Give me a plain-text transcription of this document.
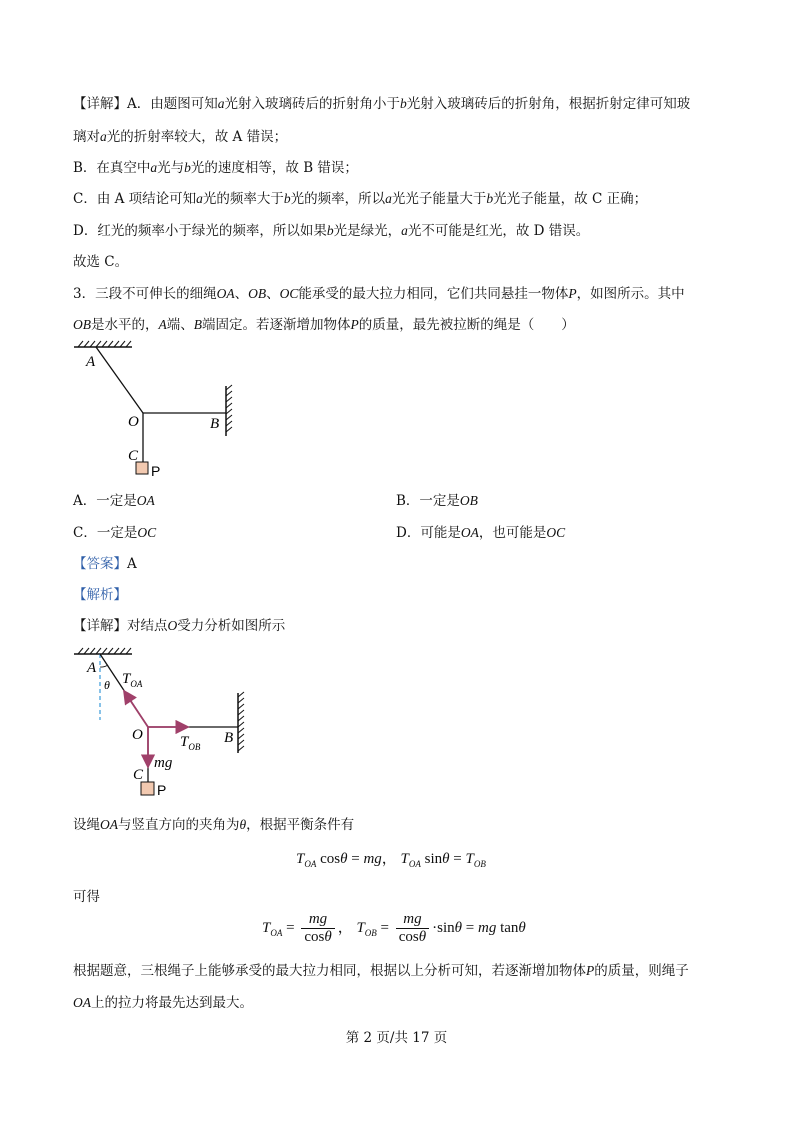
【详解】A．由题图可知a光射入玻璃砖后的折射角小于b光射入玻璃砖后的折射角，根据折射定律可知玻
璃对a光的折射率较大，故 A 错误；
B．在真空中a光与b光的速度相等，故 B 错误；
C．由 A 项结论可知a光的频率大于b光的频率，所以a光光子能量大于b光光子能量，故 C 正确；
D．红光的频率小于绿光的频率，所以如果b光是绿光，a光不可能是红光，故 D 错误。
故选 C。
3．三段不可伸长的细绳OA、OB、OC能承受的最大拉力相同，它们共同悬挂一物体P，如图所示。其中
OB是水平的，A端、B端固定。若逐渐增加物体P的质量，最先被拉断的绳是（　　）
A
O	B
C
P
A．一定是OA	B．一定是OB
C．一定是OC	D．可能是OA，也可能是OC
【答案】A
【解析】
【详解】对结点O受力分析如图所示
A
θ $T_{OA}$
O $T_{OB}$
B
mg
C
P
设绳OA与竖直方向的夹角为θ，根据平衡条件有
$T_{OA}$ cosθ = mg， $T_{OA}$ $\sin\theta = T_{OB}$
可得
$T_{OA} = \frac{mg}{\cos\theta}$ ， $T_{OB} = \frac{mg}{\cos\theta} \cdot\sin\theta$ = mg tanθ
根据题意，三根绳子上能够承受的最大拉力相同，根据以上分析可知，若逐渐增加物体P的质量，则绳子
OA上的拉力将最先达到最大。
第 2 页/共 17 页
